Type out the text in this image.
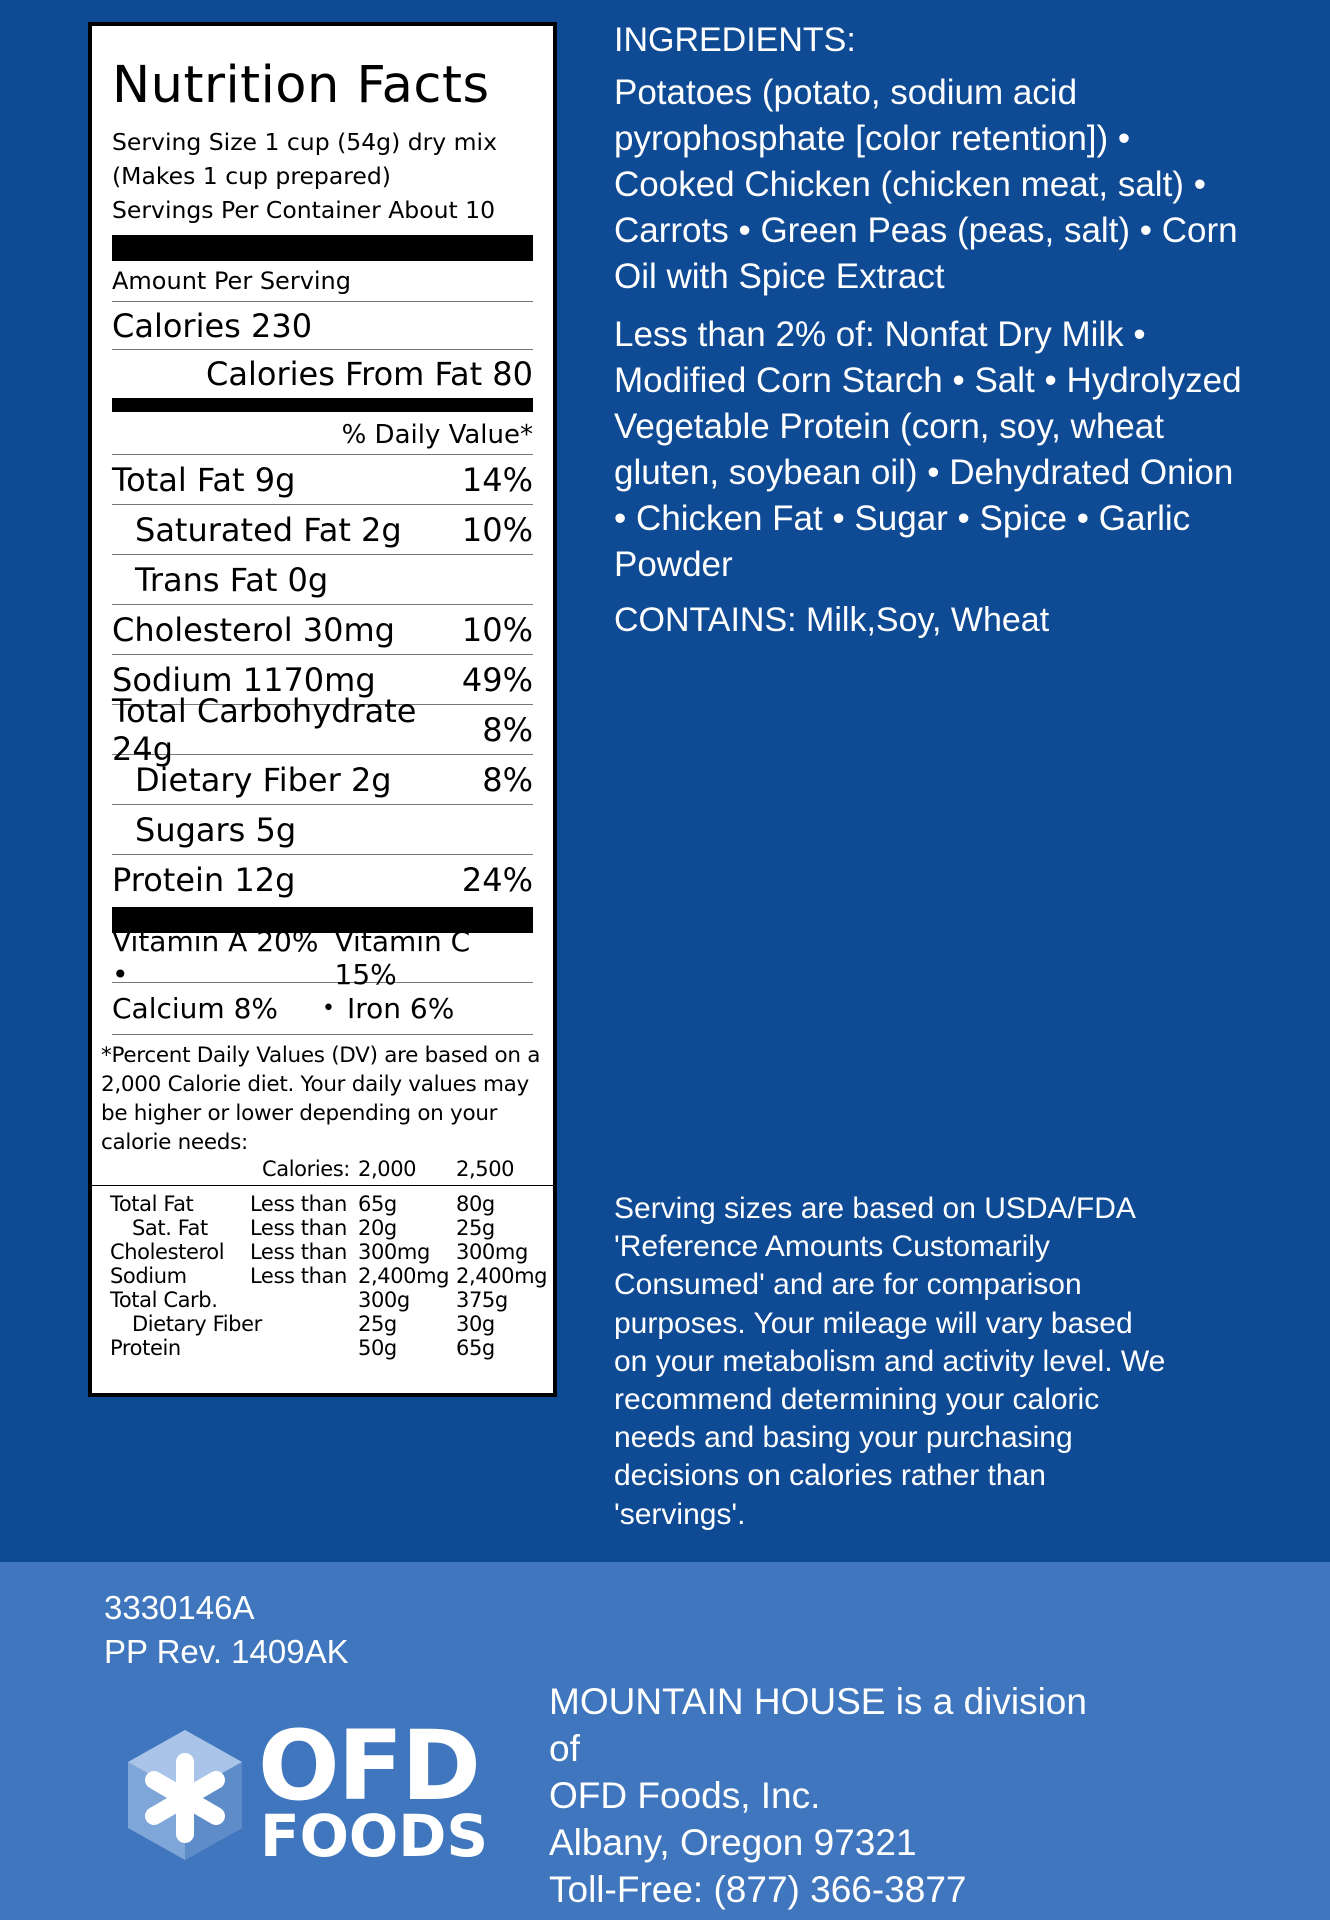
Nutrition Facts
Serving Size 1 cup (54g) dry mix
(Makes 1 cup prepared)
Servings Per Container About 10
Amount Per Serving
Calories 230
Calories From Fat 80
% Daily Value*
Total Fat 9g	14%
Saturated Fat 2g 10%
Trans Fat 0g
Cholesterol 30mg 10%
Sodium 1170mg	49%
Total Carbohydrate 24g	8%
Dietary Fiber 2g	8%
Sugars 5g
Protein 12g	24%
Vitamin A 20% •
Vitamin C 15%
Calcium 8%	• Iron 6%
*Percent Daily Values (DV) are based on a 2,000 Calorie diet. Your daily values may be higher or lower depending on your calorie needs:
Calories: 2,000	2,500
Total Fat	Less than 65g	80g
Sat. Fat	Less than 20g	25g
Cholesterol	Less than 300mg	300mg
Sodium	Less than 2,400mg 2,400mg
Total Carb.	300g	375g
Dietary Fiber	25g	30g
Protein	50g	65g
INGREDIENTS:

Potatoes (potato, sodium acid pyrophosphate [color retention]) • Cooked Chicken (chicken meat, salt) • Carrots • Green Peas (peas, salt) • Corn Oil with Spice Extract

Less than 2% of: Nonfat Dry Milk • Modified Corn Starch • Salt • Hydrolyzed Vegetable Protein (corn, soy, wheat gluten, soybean oil) • Dehydrated Onion • Chicken Fat • Sugar • Spice • Garlic Powder

CONTAINS: Milk,Soy, Wheat
Serving sizes are based on USDA/FDA 'Reference Amounts Customarily Consumed' and are for comparison purposes. Your mileage will vary based on your metabolism and activity level. We recommend determining your caloric needs and basing your purchasing decisions on calories rather than 'servings'.
3330146A
PP Rev. 1409AK
OFD
FOODS
MOUNTAIN HOUSE is a division of
OFD Foods, Inc.
Albany, Oregon 97321
Toll-Free: (877) 366-3877
